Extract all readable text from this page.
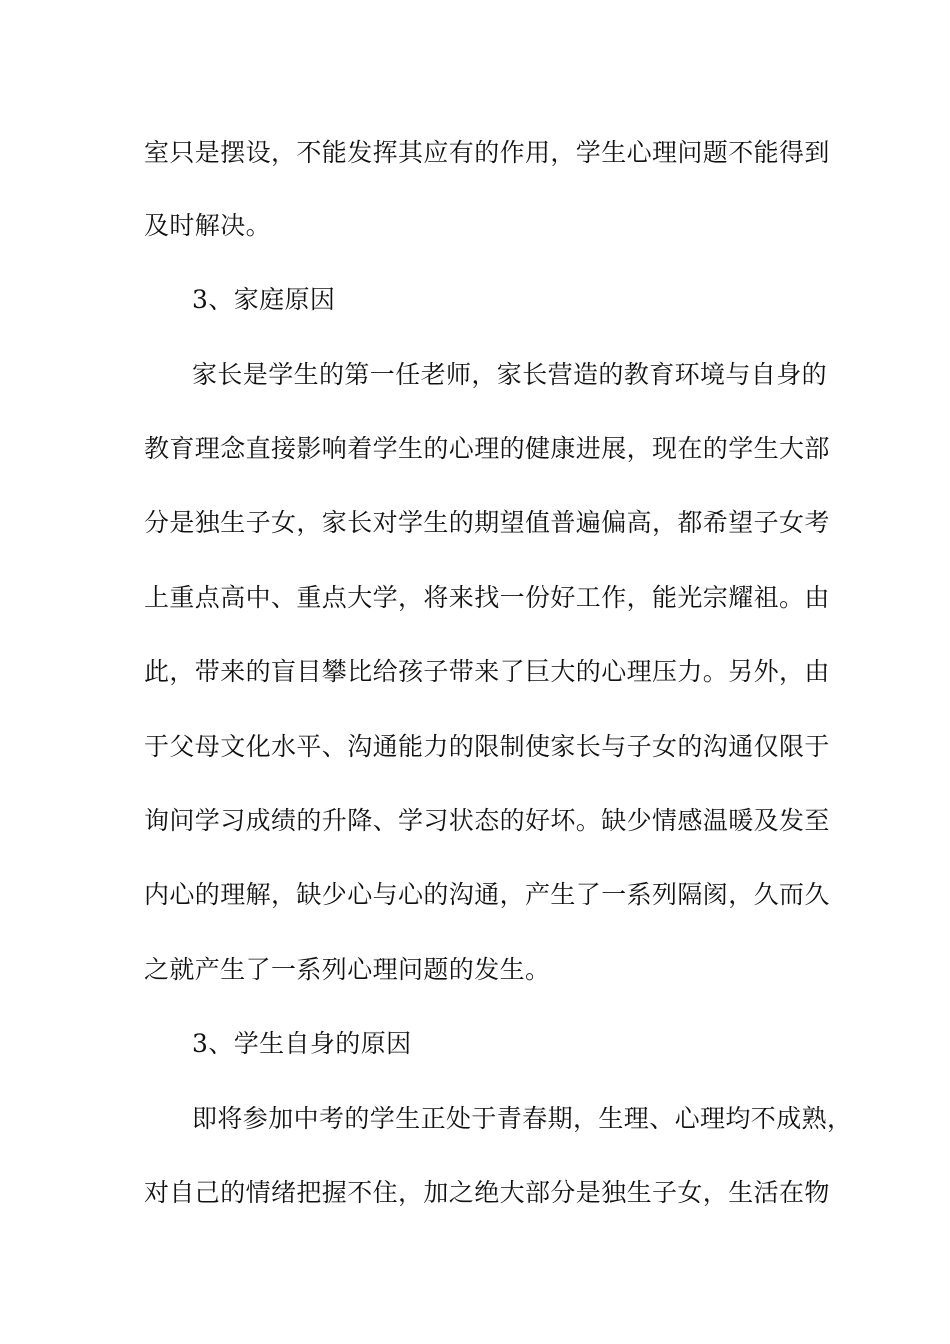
室只是摆设，不能发挥其应有的作用，学生心理问题不能得到
及时解决。
3、家庭原因
家长是学生的第一任老师，家长营造的教育环境与自身的
教育理念直接影响着学生的心理的健康进展，现在的学生大部
分是独生子女，家长对学生的期望值普遍偏高，都希望子女考
上重点高中、重点大学，将来找一份好工作，能光宗耀祖。由
此，带来的盲目攀比给孩子带来了巨大的心理压力。另外，由
于父母文化水平、沟通能力的限制使家长与子女的沟通仅限于
询问学习成绩的升降、学习状态的好坏。缺少情感温暖及发至
内心的理解，缺少心与心的沟通，产生了一系列隔阂，久而久
之就产生了一系列心理问题的发生。
3、学生自身的原因
即将参加中考的学生正处于青春期，生理、心理均不成熟，
对自己的情绪把握不住，加之绝大部分是独生子女，生活在物
